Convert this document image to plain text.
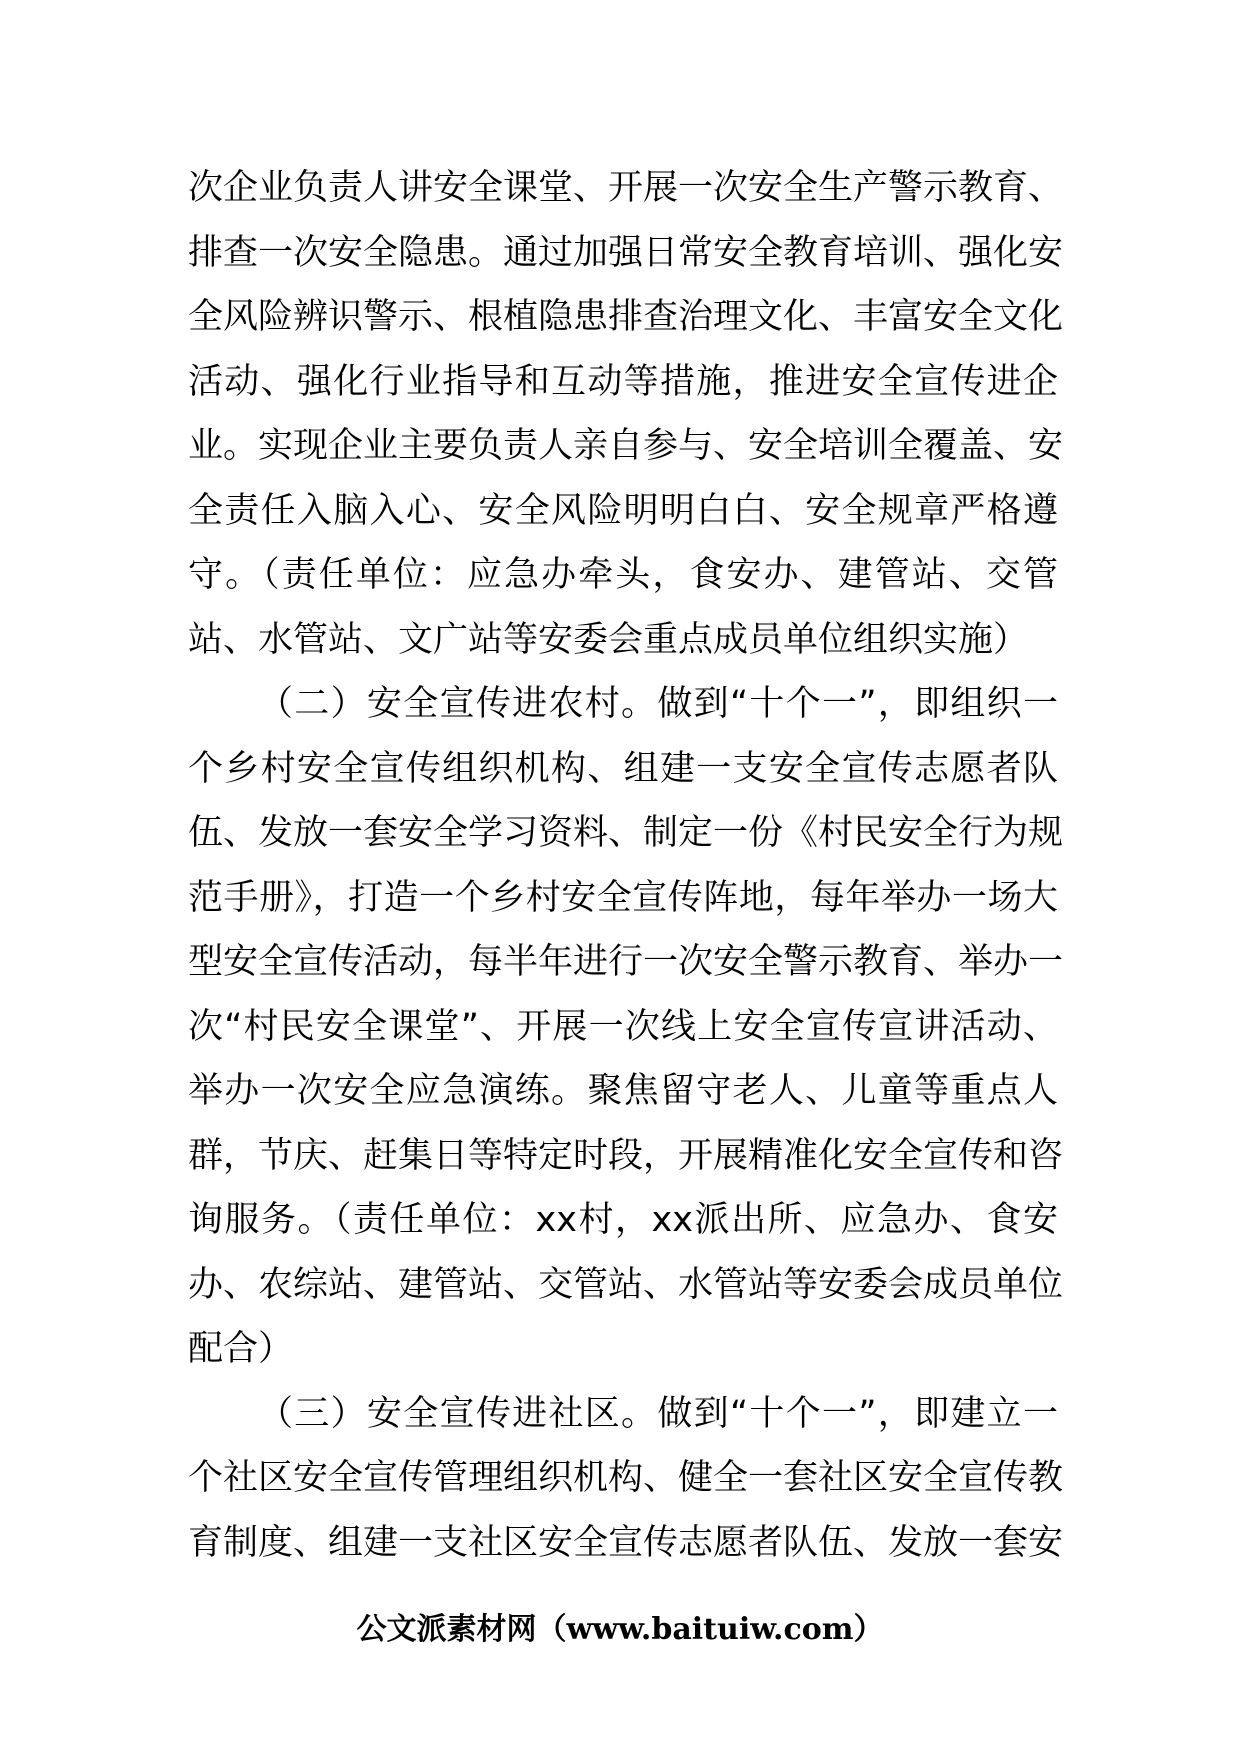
次企业负责人讲安全课堂、开展一次安全生产警示教育、
排查一次安全隐患。通过加强日常安全教育培训、强化安
全风险辨识警示、根植隐患排查治理文化、丰富安全文化
活动、强化行业指导和互动等措施，推进安全宣传进企
业。实现企业主要负责人亲自参与、安全培训全覆盖、安
全责任入脑入心、安全风险明明白白、安全规章严格遵
守。（责任单位：应急办牵头，食安办、建管站、交管
站、水管站、文广站等安委会重点成员单位组织实施）
（二）安全宣传进农村。做到“十个一”，即组织一
个乡村安全宣传组织机构、组建一支安全宣传志愿者队
伍、发放一套安全学习资料、制定一份《村民安全行为规
范手册》，打造一个乡村安全宣传阵地，每年举办一场大
型安全宣传活动，每半年进行一次安全警示教育、举办一
次“村民安全课堂”、开展一次线上安全宣传宣讲活动、
举办一次安全应急演练。聚焦留守老人、儿童等重点人
群，节庆、赶集日等特定时段，开展精准化安全宣传和咨
询服务。（责任单位：xx村，xx派出所、应急办、食安
办、农综站、建管站、交管站、水管站等安委会成员单位
配合）
（三）安全宣传进社区。做到“十个一”，即建立一
个社区安全宣传管理组织机构、健全一套社区安全宣传教
育制度、组建一支社区安全宣传志愿者队伍、发放一套安
公文派素材网（www.baituiw.com）
